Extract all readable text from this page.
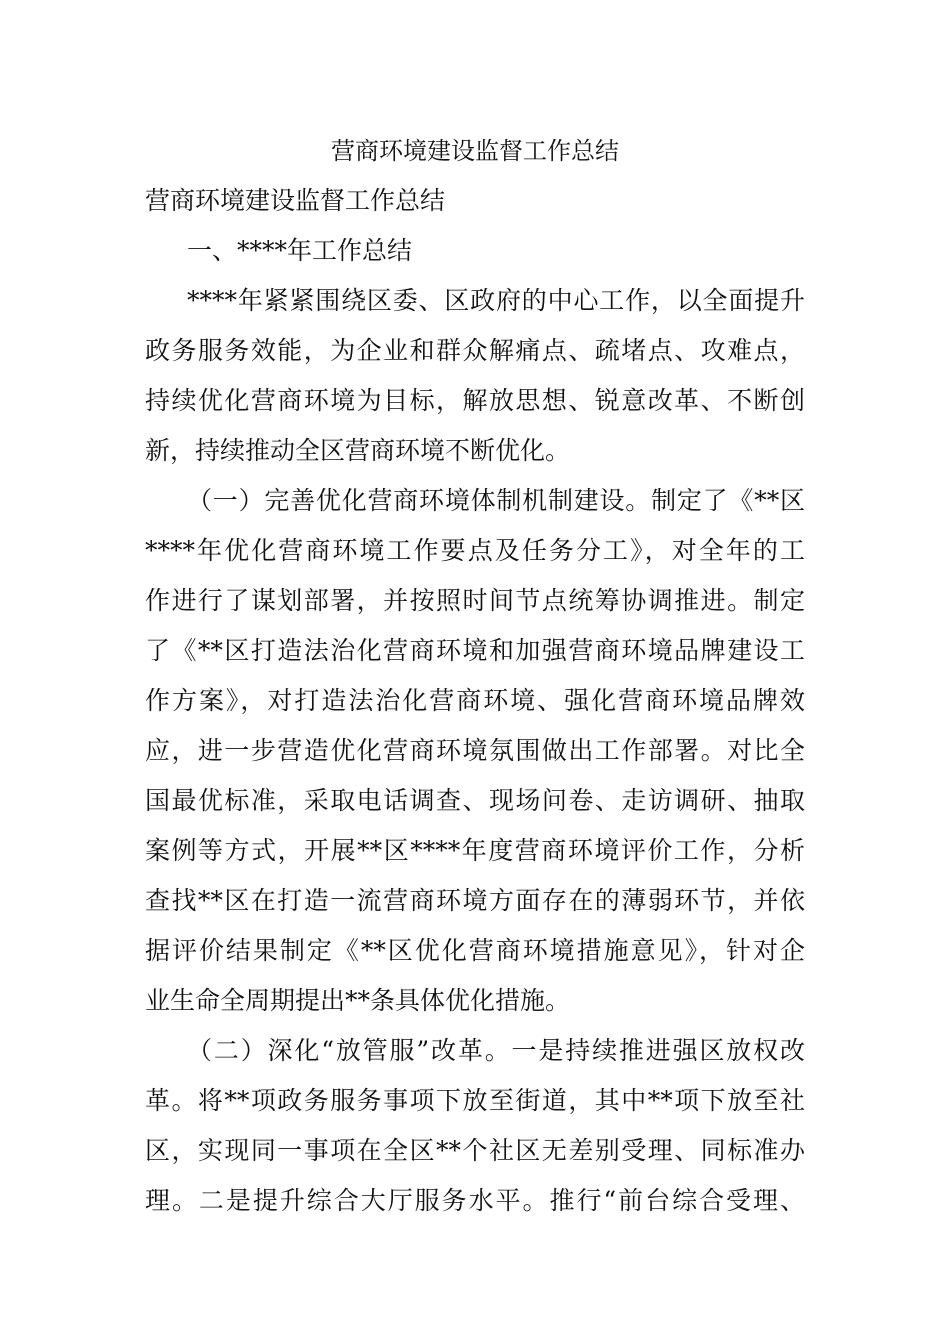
营商环境建设监督工作总结
营商环境建设监督工作总结
一、****年工作总结
****年紧紧围绕区委、区政府的中心工作，以全面提升
政务服务效能，为企业和群众解痛点、疏堵点、攻难点，
持续优化营商环境为目标，解放思想、锐意改革、不断创
新，持续推动全区营商环境不断优化。
（一）完善优化营商环境体制机制建设。制定了《**区
****年优化营商环境工作要点及任务分工》，对全年的工
作进行了谋划部署，并按照时间节点统筹协调推进。制定
了《**区打造法治化营商环境和加强营商环境品牌建设工
作方案》，对打造法治化营商环境、强化营商环境品牌效
应，进一步营造优化营商环境氛围做出工作部署。对比全
国最优标准，采取电话调查、现场问卷、走访调研、抽取
案例等方式，开展**区****年度营商环境评价工作，分析
查找**区在打造一流营商环境方面存在的薄弱环节，并依
据评价结果制定《**区优化营商环境措施意见》，针对企
业生命全周期提出**条具体优化措施。
（二）深化“放管服”改革。一是持续推进强区放权改
革。将**项政务服务事项下放至街道，其中**项下放至社
区，实现同一事项在全区**个社区无差别受理、同标准办
理。二是提升综合大厅服务水平。推行“前台综合受理、
